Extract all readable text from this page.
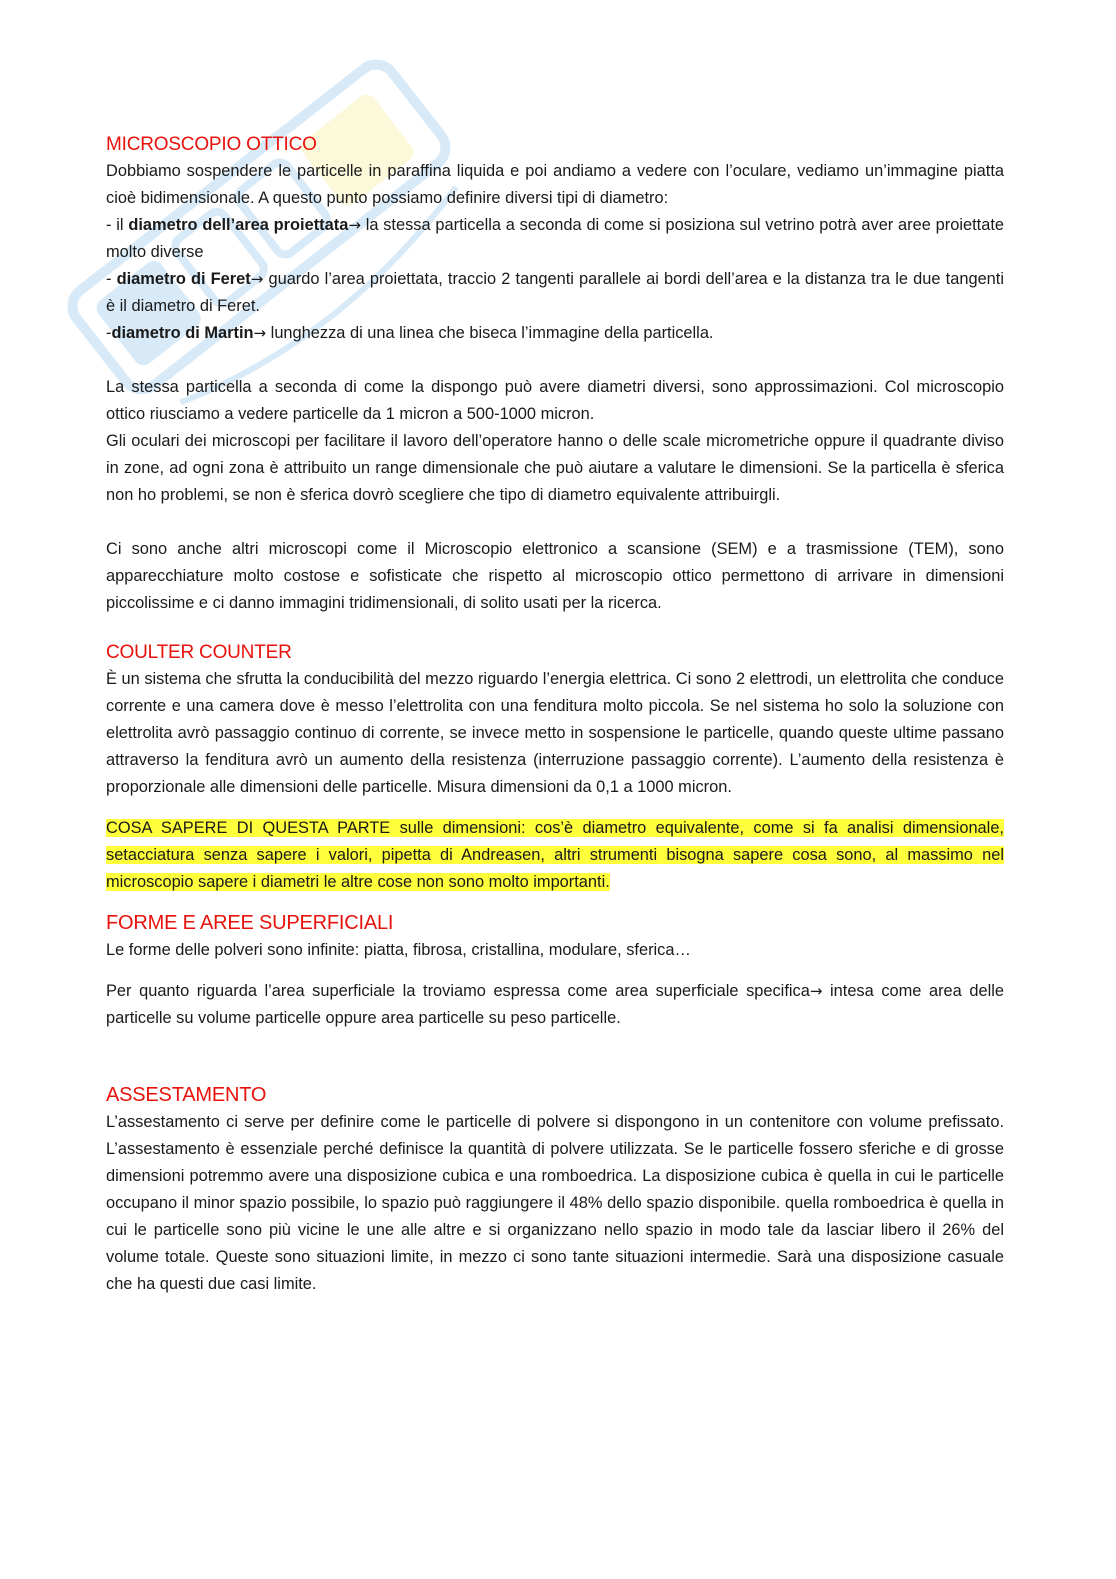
MICROSCOPIO OTTICO

Dobbiamo sospendere le particelle in paraffina liquida e poi andiamo a vedere con l’oculare, vediamo un’immagine piatta cioè bidimensionale. A questo punto possiamo definire diversi tipi di diametro:

- il diametro dell’area proiettata→ la stessa particella a seconda di come si posiziona sul vetrino potrà aver aree proiettate molto diverse

- diametro di Feret→ guardo l’area proiettata, traccio 2 tangenti parallele ai bordi dell’area e la distanza tra le due tangenti è il diametro di Feret.

-diametro di Martin→ lunghezza di una linea che biseca l’immagine della particella.

La stessa particella a seconda di come la dispongo può avere diametri diversi, sono approssimazioni. Col microscopio ottico riusciamo a vedere particelle da 1 micron a 500-1000 micron.

Gli oculari dei microscopi per facilitare il lavoro dell’operatore hanno o delle scale micrometriche oppure il quadrante diviso in zone, ad ogni zona è attribuito un range dimensionale che può aiutare a valutare le dimensioni. Se la particella è sferica non ho problemi, se non è sferica dovrò scegliere che tipo di diametro equivalente attribuirgli.

Ci sono anche altri microscopi come il Microscopio elettronico a scansione (SEM) e a trasmissione (TEM), sono apparecchiature molto costose e sofisticate che rispetto al microscopio ottico permettono di arrivare in dimensioni piccolissime e ci danno immagini tridimensionali, di solito usati per la ricerca.

COULTER COUNTER

È un sistema che sfrutta la conducibilità del mezzo riguardo l’energia elettrica. Ci sono 2 elettrodi, un elettrolita che conduce corrente e una camera dove è messo l’elettrolita con una fenditura molto piccola. Se nel sistema ho solo la soluzione con elettrolita avrò passaggio continuo di corrente, se invece metto in sospensione le particelle, quando queste ultime passano attraverso la fenditura avrò un aumento della resistenza (interruzione passaggio corrente). L’aumento della resistenza è proporzionale alle dimensioni delle particelle. Misura dimensioni da 0,1 a 1000 micron.

COSA SAPERE DI QUESTA PARTE sulle dimensioni: cos’è diametro equivalente, come si fa analisi dimensionale, setacciatura senza sapere i valori, pipetta di Andreasen, altri strumenti bisogna sapere cosa sono, al massimo nel microscopio sapere i diametri le altre cose non sono molto importanti.

FORME E AREE SUPERFICIALI

Le forme delle polveri sono infinite: piatta, fibrosa, cristallina, modulare, sferica…

Per quanto riguarda l’area superficiale la troviamo espressa come area superficiale specifica→ intesa come area delle particelle su volume particelle oppure area particelle su peso particelle.

ASSESTAMENTO

L’assestamento ci serve per definire come le particelle di polvere si dispongono in un contenitore con volume prefissato. L’assestamento è essenziale perché definisce la quantità di polvere utilizzata. Se le particelle fossero sferiche e di grosse dimensioni potremmo avere una disposizione cubica e una romboedrica. La disposizione cubica è quella in cui le particelle occupano il minor spazio possibile, lo spazio può raggiungere il 48% dello spazio disponibile. quella romboedrica è quella in cui le particelle sono più vicine le une alle altre e si organizzano nello spazio in modo tale da lasciar libero il 26% del volume totale. Queste sono situazioni limite, in mezzo ci sono tante situazioni intermedie. Sarà una disposizione casuale che ha questi due casi limite.
